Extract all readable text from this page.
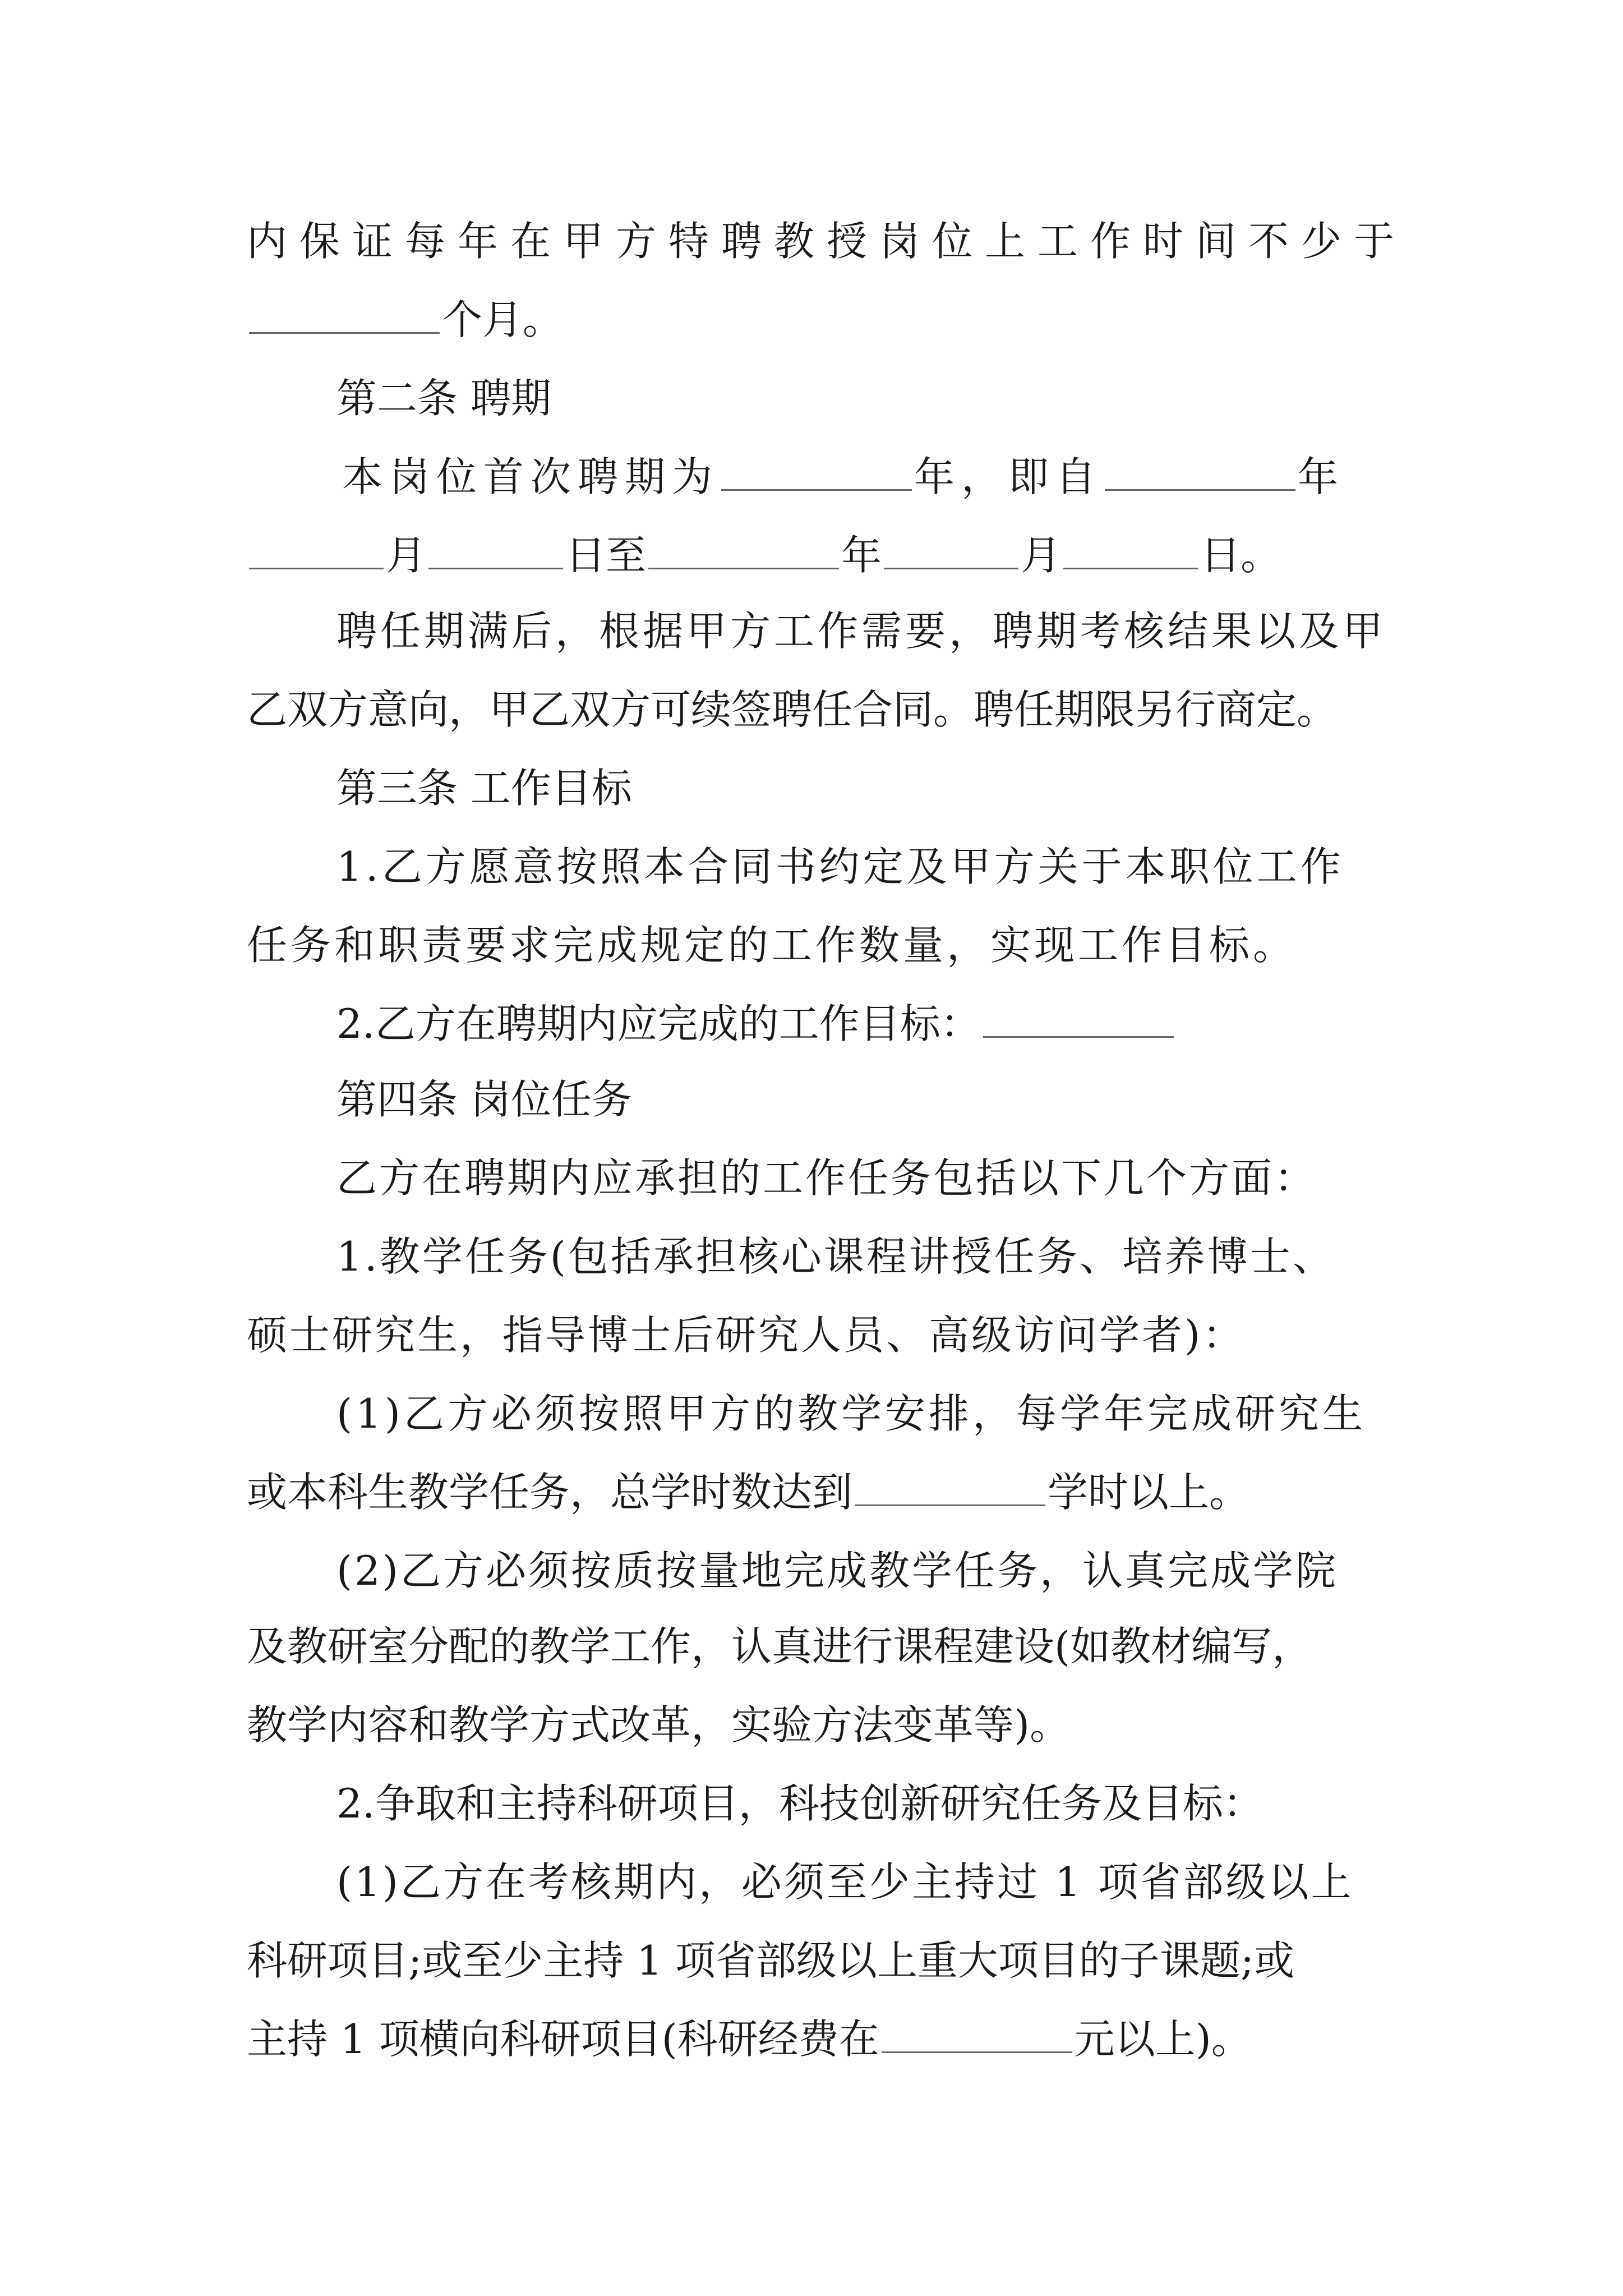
内保证每年在甲方特聘教授岗位上工作时间不少于
个月。
第二条 聘期
本岗位首次聘期为	年，即自	年
月	日至	年	月	日。
聘任期满后，根据甲方工作需要，聘期考核结果以及甲
乙双方意向，甲乙双方可续签聘任合同。聘任期限另行商定。
第三条 工作目标
1.乙方愿意按照本合同书约定及甲方关于本职位工作
任务和职责要求完成规定的工作数量，实现工作目标。
2.乙方在聘期内应完成的工作目标：
第四条 岗位任务
乙方在聘期内应承担的工作任务包括以下几个方面：
1.教学任务(包括承担核心课程讲授任务、培养博士、
硕士研究生，指导博士后研究人员、高级访问学者)：
(1)乙方必须按照甲方的教学安排，每学年完成研究生
或本科生教学任务，总学时数达到	学时以上。
(2)乙方必须按质按量地完成教学任务，认真完成学院
及教研室分配的教学工作，认真进行课程建设(如教材编写，
教学内容和教学方式改革，实验方法变革等)。
2.争取和主持科研项目，科技创新研究任务及目标：
(1)乙方在考核期内，必须至少主持过 1 项省部级以上
科研项目;或至少主持 1 项省部级以上重大项目的子课题;或
主持 1 项横向科研项目(科研经费在	元以上)。
